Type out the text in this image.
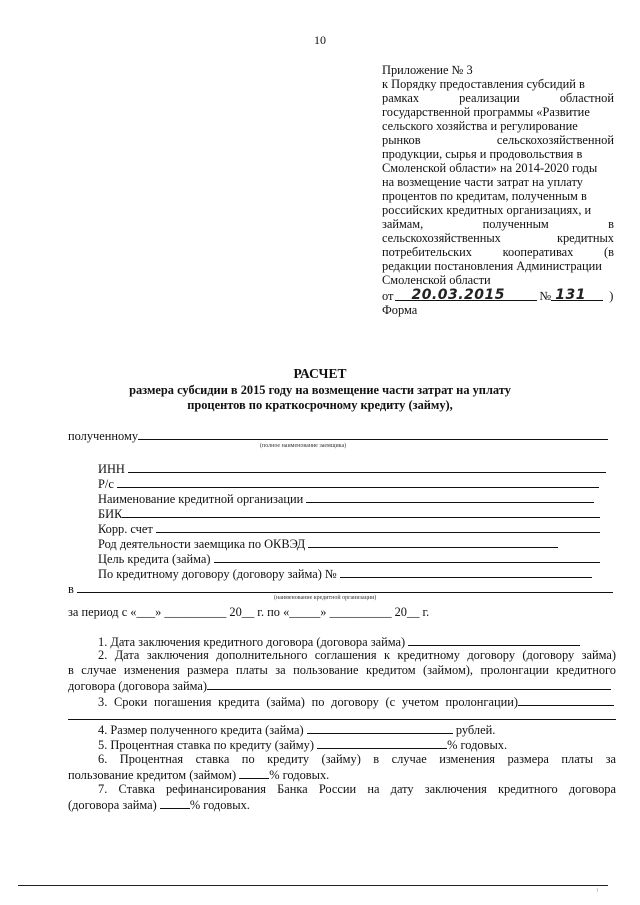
10
Приложение № 3
к Порядку предоставления субсидий в
рамках	реализации	областной
государственной программы «Развитие
сельского хозяйства и регулирование
рынков	сельскохозяйственной
продукции, сырья и продовольствия в
Смоленской области» на 2014-2020 годы
на возмещение части затрат на уплату
процентов по кредитам, полученным в
российских кредитных организациях, и
займам,	полученным	в
сельскохозяйственных	кредитных
потребительских кооперативах (в
редакции постановления Администрации
Смоленской области
от 20.03.2015	№ 131 )
Форма
РАСЧЕТ
размера субсидии в 2015 году на возмещение части затрат на уплату
процентов по краткосрочному кредиту (займу),
полученному
(полное наименование заемщика)
ИНН
Р/с
Наименование кредитной организации
БИК
Корр. счет
Род деятельности заемщика по ОКВЭД
Цель кредита (займа)
По кредитному договору (договору займа) №
в
(наименование кредитной организации)
за период с «___» __________ 20__ г. по «_____» __________ 20__ г.
1. Дата заключения кредитного договора (договора займа)
2. Дата заключения дополнительного соглашения к кредитному договору (договору займа)
в случае изменения размера платы за пользование кредитом (займом), пролонгации кредитного
договора (договора займа)
3. Сроки погашения кредита (займа) по договору (с учетом пролонгации)
4. Размер полученного кредита (займа)	рублей.
5. Процентная ставка по кредиту (займу)	% годовых.
6. Процентная ставка по кредиту (займу) в случае изменения размера платы за
пользование кредитом (займом)	% годовых.
7. Ставка рефинансирования Банка России на дату заключения кредитного договора
(договора займа)	% годовых.
₁
